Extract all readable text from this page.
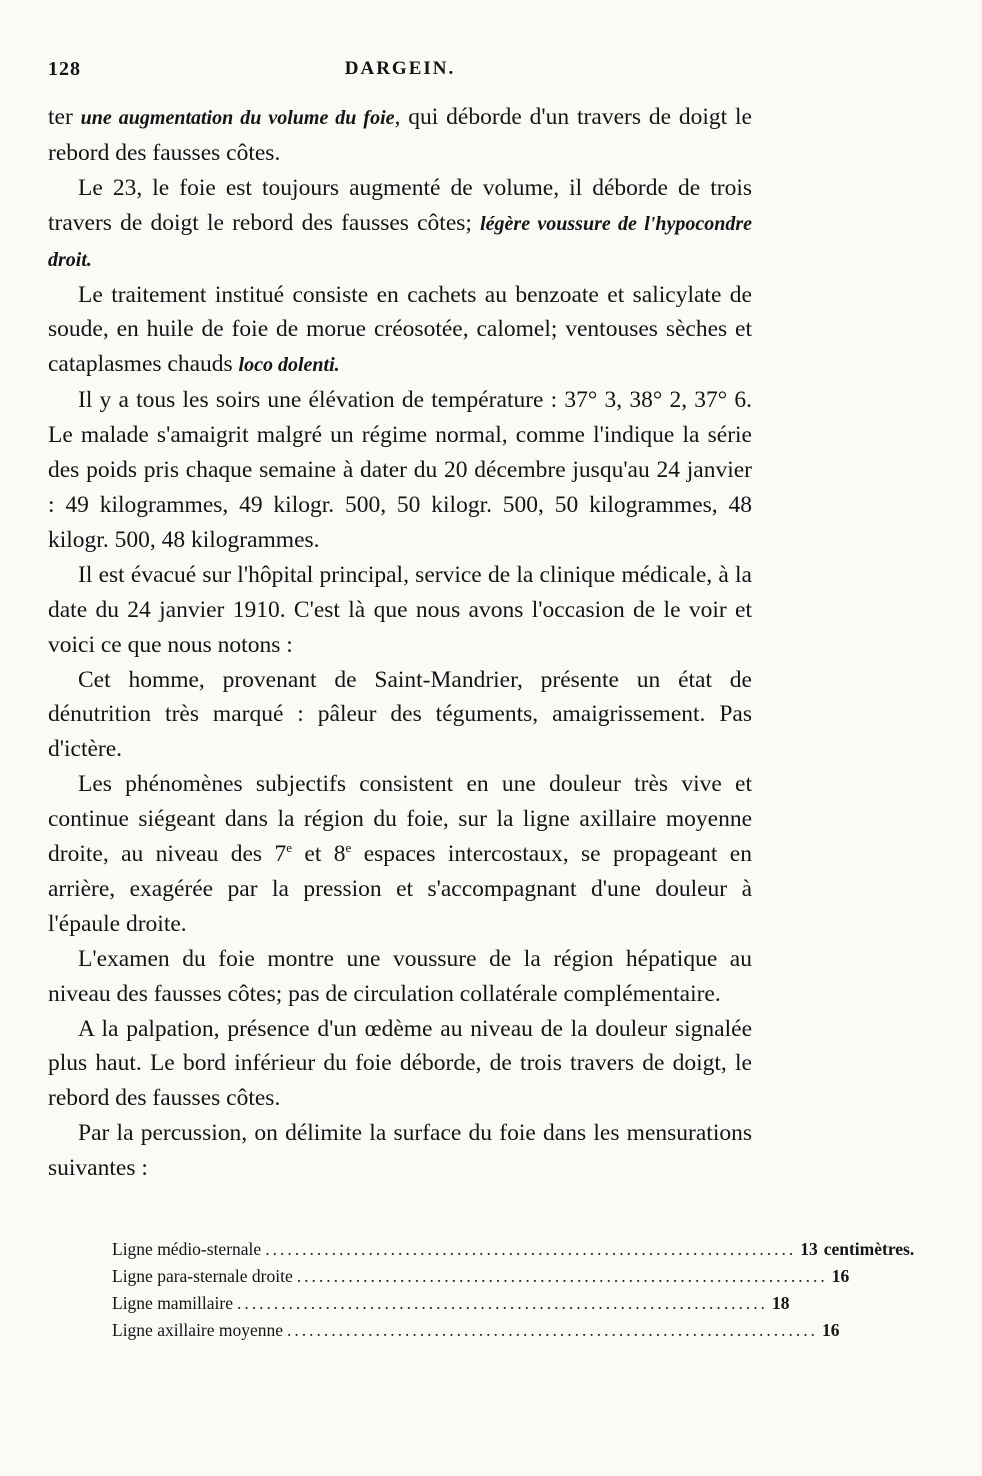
128	DARGEIN.

ter une augmentation du volume du foie, qui déborde d'un travers de doigt le rebord des fausses côtes.

Le 23, le foie est toujours augmenté de volume, il déborde de trois travers de doigt le rebord des fausses côtes; légère voussure de l'hypocondre droit.

Le traitement institué consiste en cachets au benzoate et salicylate de soude, en huile de foie de morue créosotée, calomel; ventouses sèches et cataplasmes chauds loco dolenti.

Il y a tous les soirs une élévation de température : 37° 3, 38° 2, 37° 6. Le malade s'amaigrit malgré un régime normal, comme l'indique la série des poids pris chaque semaine à dater du 20 décembre jusqu'au 24 janvier : 49 kilogrammes, 49 kilogr. 500, 50 kilogr. 500, 50 kilogrammes, 48 kilogr. 500, 48 kilogrammes.

Il est évacué sur l'hôpital principal, service de la clinique médicale, à la date du 24 janvier 1910. C'est là que nous avons l'occasion de le voir et voici ce que nous notons :

Cet homme, provenant de Saint-Mandrier, présente un état de dénutrition très marqué : pâleur des téguments, amaigrissement. Pas d'ictère.

Les phénomènes subjectifs consistent en une douleur très vive et continue siégeant dans la région du foie, sur la ligne axillaire moyenne droite, au niveau des 7e et 8e espaces intercostaux, se propageant en arrière, exagérée par la pression et s'accompagnant d'une douleur à l'épaule droite.

L'examen du foie montre une voussure de la région hépatique au niveau des fausses côtes; pas de circulation collatérale complémentaire.

A la palpation, présence d'un œdème au niveau de la douleur signalée plus haut. Le bord inférieur du foie déborde, de trois travers de doigt, le rebord des fausses côtes.

Par la percussion, on délimite la surface du foie dans les mensurations suivantes :

Ligne médio-sternale ........................................................................ 13 centimètres.
Ligne para-sternale droite ........................................................................ 16
Ligne mamillaire ........................................................................ 18
Ligne axillaire moyenne ........................................................................ 16
